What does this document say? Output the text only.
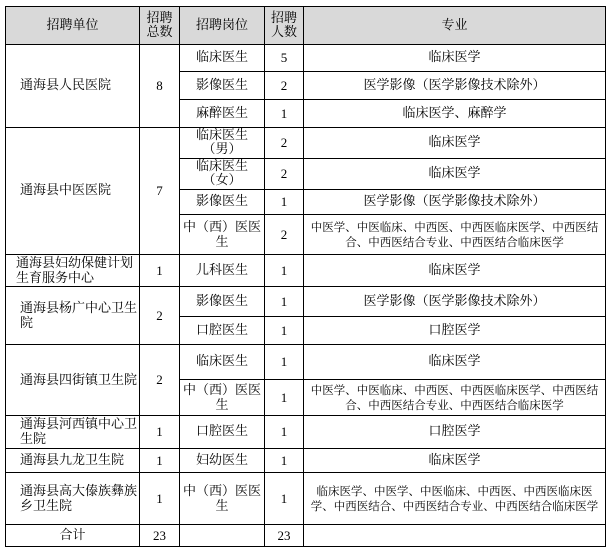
招聘单位	招聘总数	招聘岗位	招聘人数	专业
通海县人民医院	8	临床医生	5	临床医学
		影像医生	2	医学影像（医学影像技术除外）
		麻醉医生	1	临床医学、麻醉学
通海县中医医院	7	临床医生（男）	2	临床医学
		临床医生（女）	2	临床医学
		影像医生	1	医学影像（医学影像技术除外）
		中（西）医医生	2	中医学、中医临床、中西医、中西医临床医学、中西医结合、中西医结合专业、中西医结合临床医学
通海县妇幼保健计划生育服务中心	1	儿科医生	1	临床医学
通海县杨广中心卫生院	2	影像医生	1	医学影像（医学影像技术除外）
		口腔医生	1	口腔医学
通海县四街镇卫生院	2	临床医生	1	临床医学
		中（西）医医生	1	中医学、中医临床、中西医、中西医临床医学、中西医结合、中西医结合专业、中西医结合临床医学
通海县河西镇中心卫生院	1	口腔医生	1	口腔医学
通海县九龙卫生院	1	妇幼医生	1	临床医学
通海县高大傣族彝族乡卫生院	1	中（西）医医生	1	临床医学、中医学、中医临床、中西医、中西医临床医学、中西医结合、中西医结合专业、中西医结合临床医学
合计	23		23	
